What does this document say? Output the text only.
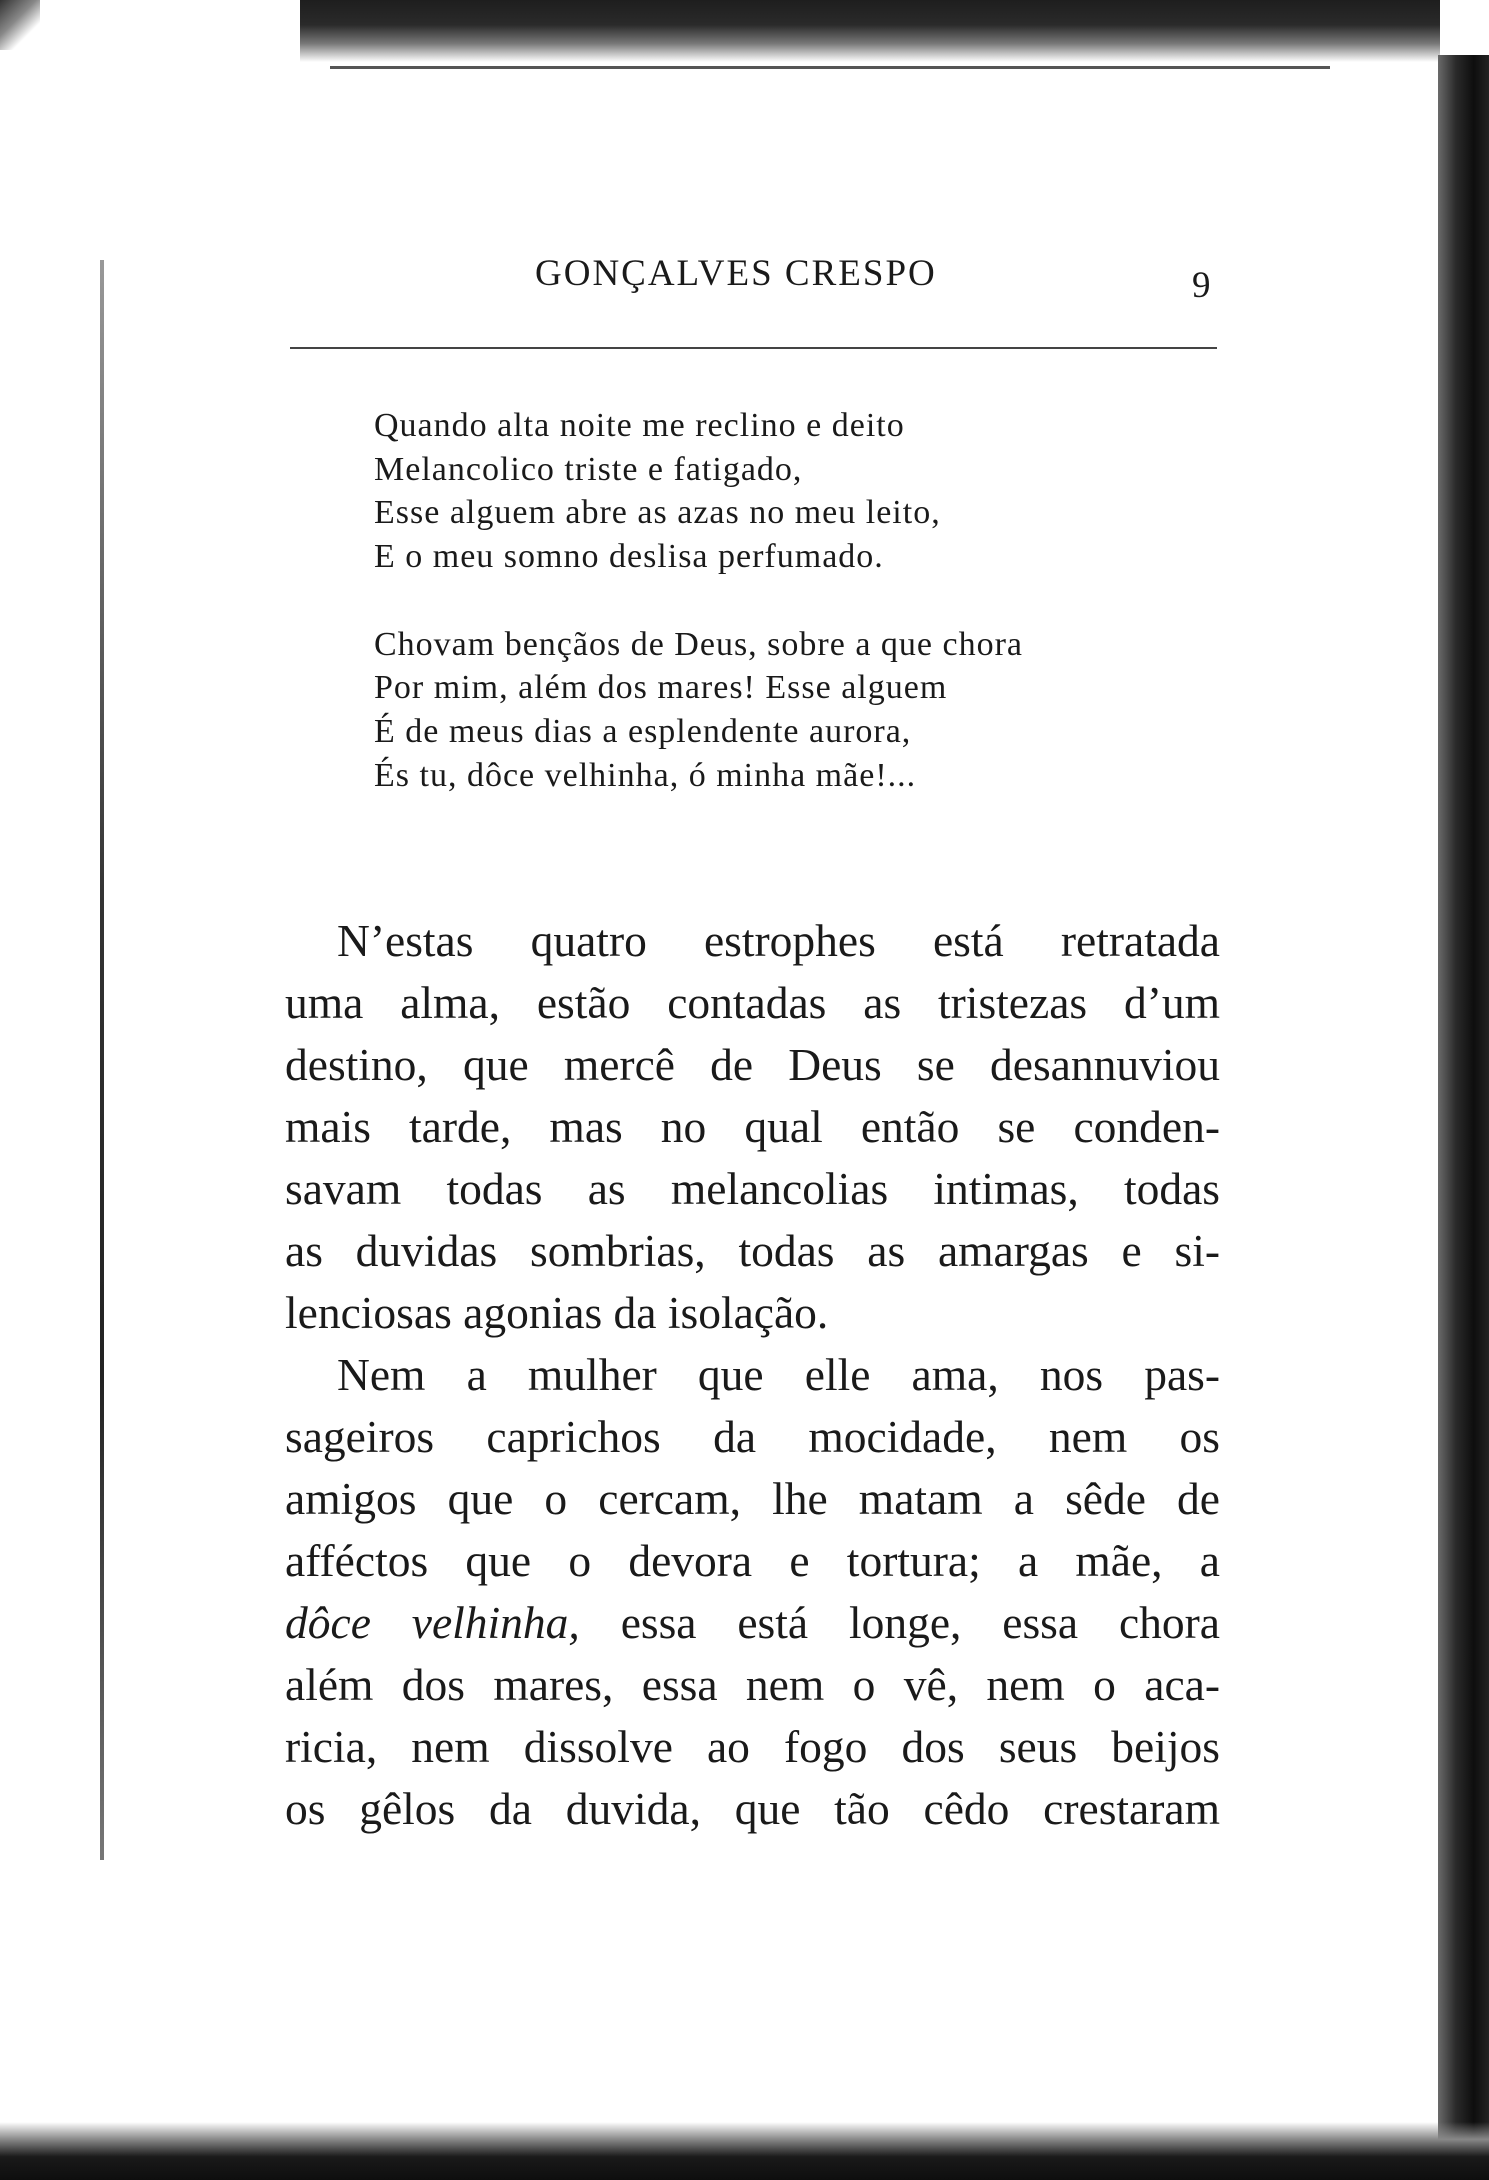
GONÇALVES CRESPO	9
Quando alta noite me reclino e deito
Melancolico triste e fatigado,
Esse alguem abre as azas no meu leito,
E o meu somno deslisa perfumado.
Chovam bençãos de Deus, sobre a que chora
Por mim, além dos mares! Esse alguem
É de meus dias a esplendente aurora,
És tu, dôce velhinha, ó minha mãe!...
N’estas quatro estrophes está retratada
uma alma, estão contadas as tristezas d’um
destino, que mercê de Deus se desannuviou
mais tarde, mas no qual então se conden-
savam todas as melancolias intimas, todas
as duvidas sombrias, todas as amargas e si-
lenciosas agonias da isolação.
Nem a mulher que elle ama, nos pas-
sageiros caprichos da mocidade, nem os
amigos que o cercam, lhe matam a sêde de
afféctos que o devora e tortura; a mãe, a
dôce velhinha, essa está longe, essa chora
além dos mares, essa nem o vê, nem o aca-
ricia, nem dissolve ao fogo dos seus beijos
os gêlos da duvida, que tão cêdo crestaram
